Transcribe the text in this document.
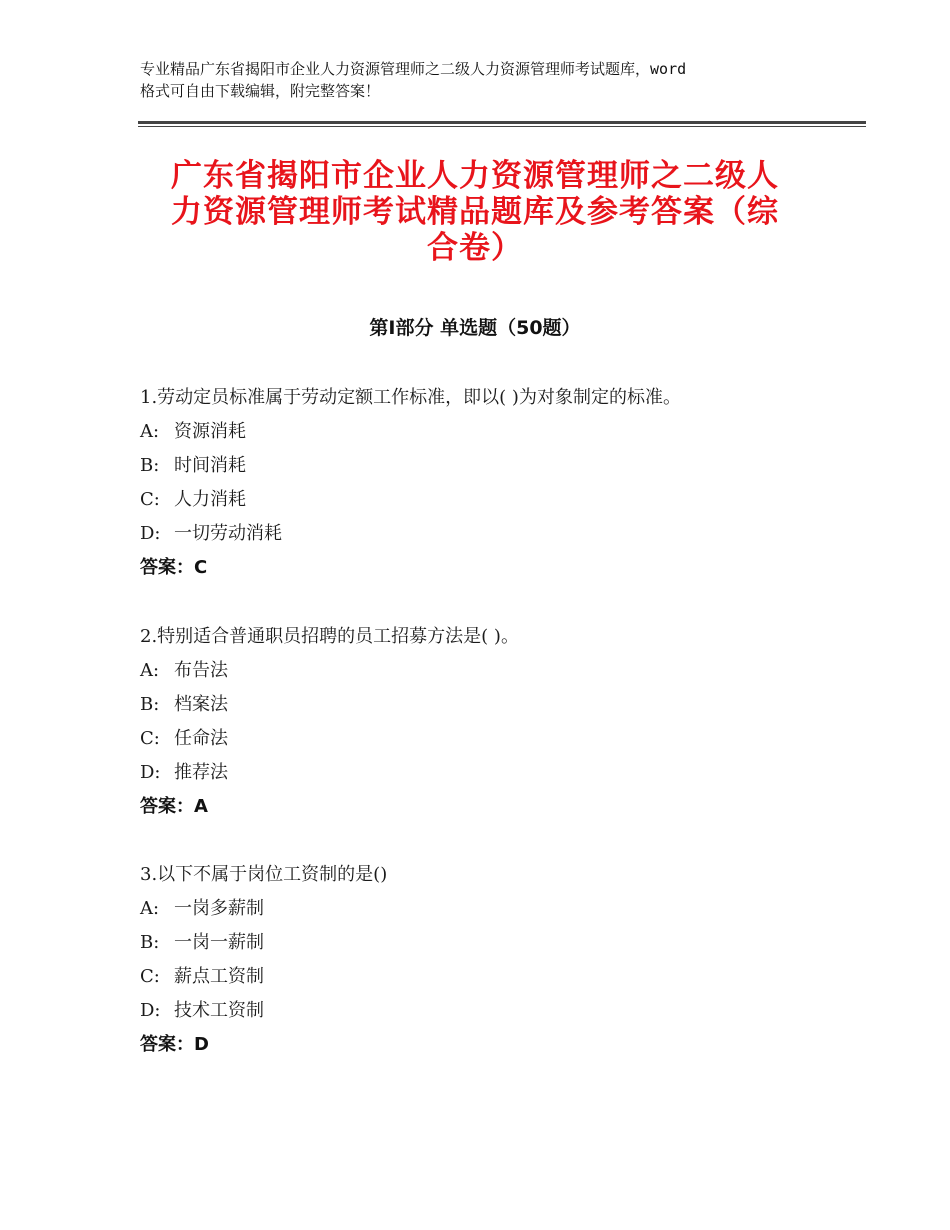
专业精品广东省揭阳市企业人力资源管理师之二级人力资源管理师考试题库，word
格式可自由下载编辑，附完整答案！
广东省揭阳市企业人力资源管理师之二级人
力资源管理师考试精品题库及参考答案（综
合卷）
第Ⅰ部分 单选题（50题）
1.劳动定员标准属于劳动定额工作标准，即以( )为对象制定的标准。
A: 资源消耗
B: 时间消耗
C: 人力消耗
D: 一切劳动消耗
答案：C
2.特别适合普通职员招聘的员工招募方法是( )。
A: 布告法
B: 档案法
C: 任命法
D: 推荐法
答案：A
3.以下不属于岗位工资制的是()
A: 一岗多薪制
B: 一岗一薪制
C: 薪点工资制
D: 技术工资制
答案：D
